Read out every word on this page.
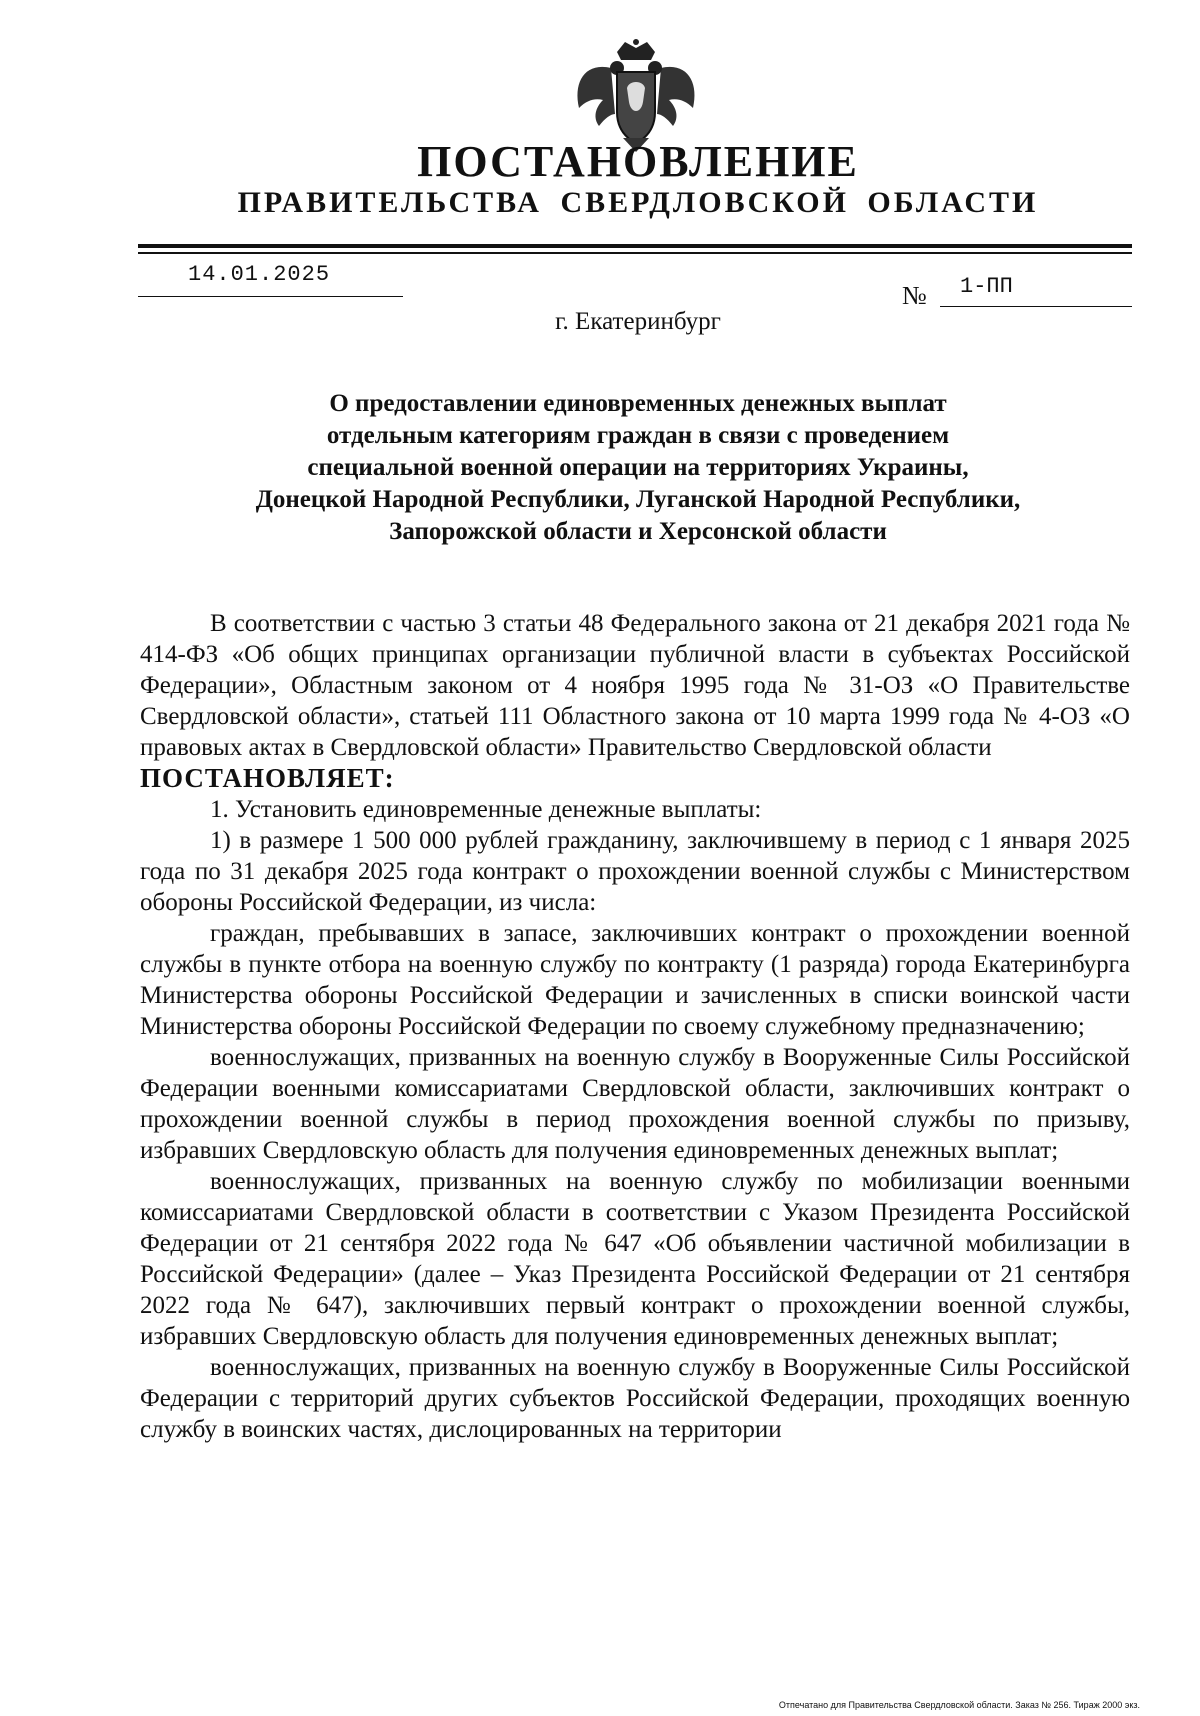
ПОСТАНОВЛЕНИЕ
ПРАВИТЕЛЬСТВА СВЕРДЛОВСКОЙ ОБЛАСТИ
14.01.2025
№ 1-ПП
г. Екатеринбург
О предоставлении единовременных денежных выплат
отдельным категориям граждан в связи с проведением
специальной военной операции на территориях Украины,
Донецкой Народной Республики, Луганской Народной Республики,
Запорожской области и Херсонской области

В соответствии с частью 3 статьи 48 Федерального закона от 21 декабря 2021 года № 414-ФЗ «Об общих принципах организации публичной власти в субъектах Российской Федерации», Областным законом от 4 ноября 1995 года № 31-ОЗ «О Правительстве Свердловской области», статьей 111 Областного закона от 10 марта 1999 года № 4-ОЗ «О правовых актах в Свердловской области» Правительство Свердловской области

ПОСТАНОВЛЯЕТ:

1. Установить единовременные денежные выплаты:

1) в размере 1 500 000 рублей гражданину, заключившему в период с 1 января 2025 года по 31 декабря 2025 года контракт о прохождении военной службы с Министерством обороны Российской Федерации, из числа:

граждан, пребывавших в запасе, заключивших контракт о прохождении военной службы в пункте отбора на военную службу по контракту (1 разряда) города Екатеринбурга Министерства обороны Российской Федерации и зачисленных в списки воинской части Министерства обороны Российской Федерации по своему служебному предназначению;

военнослужащих, призванных на военную службу в Вооруженные Силы Российской Федерации военными комиссариатами Свердловской области, заключивших контракт о прохождении военной службы в период прохождения военной службы по призыву, избравших Свердловскую область для получения единовременных денежных выплат;

военнослужащих, призванных на военную службу по мобилизации военными комиссариатами Свердловской области в соответствии с Указом Президента Российской Федерации от 21 сентября 2022 года № 647 «Об объявлении частичной мобилизации в Российской Федерации» (далее – Указ Президента Российской Федерации от 21 сентября 2022 года № 647), заключивших первый контракт о прохождении военной службы, избравших Свердловскую область для получения единовременных денежных выплат;

военнослужащих, призванных на военную службу в Вооруженные Силы Российской Федерации с территорий других субъектов Российской Федерации, проходящих военную службу в воинских частях, дислоцированных на территории

Отпечатано для Правительства Свердловской области. Заказ № 256. Тираж 2000 экз.
